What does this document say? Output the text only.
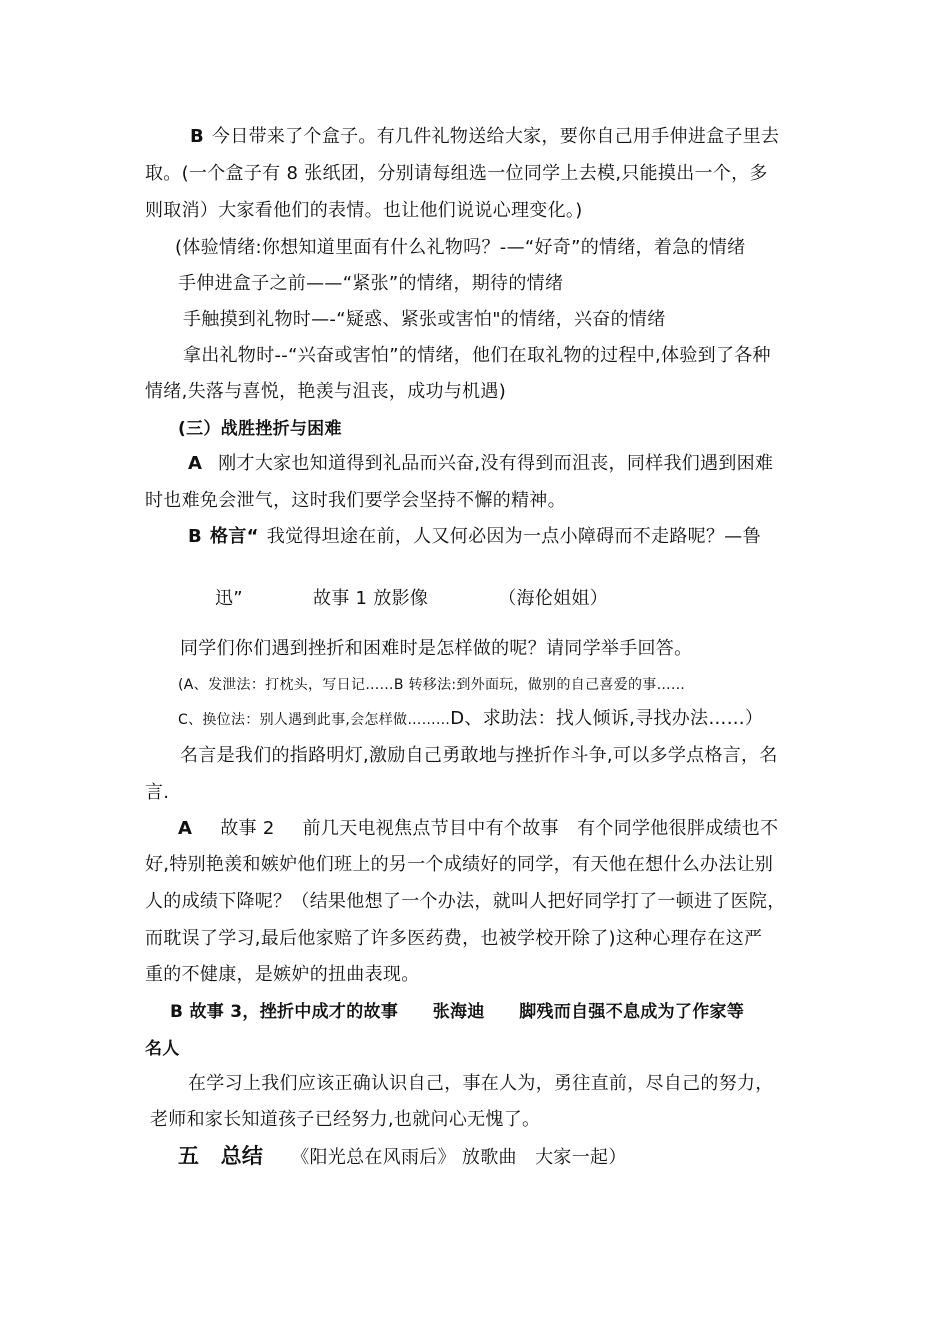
B 今日带来了个盒子。有几件礼物送给大家，要你自己用手伸进盒子里去
取。(一个盒子有 8 张纸团，分别请每组选一位同学上去模,只能摸出一个，多
则取消）大家看他们的表情。也让他们说说心理变化。)
(体验情绪:你想知道里面有什么礼物吗？-—“好奇”的情绪，着急的情绪
手伸进盒子之前——“紧张”的情绪，期待的情绪
手触摸到礼物时—-“疑惑、紧张或害怕"的情绪，兴奋的情绪
拿出礼物时--“兴奋或害怕”的情绪，他们在取礼物的过程中,体验到了各种
情绪,失落与喜悦，艳羡与沮丧，成功与机遇)
(三）战胜挫折与困难
A 刚才大家也知道得到礼品而兴奋,没有得到而沮丧，同样我们遇到困难
时也难免会泄气，这时我们要学会坚持不懈的精神。
B 格言“ 我觉得坦途在前，人又何必因为一点小障碍而不走路呢？—鲁
迅”	故事 1 放影像	（海伦姐姐）
同学们你们遇到挫折和困难时是怎样做的呢？请同学举手回答。
(A、发泄法：打枕头，写日记……B 转移法:到外面玩，做别的自己喜爱的事……
C、换位法：别人遇到此事,会怎样做………D、求助法：找人倾诉,寻找办法……）
名言是我们的指路明灯,激励自己勇敢地与挫折作斗争,可以多学点格言，名
言.
A 故事 2 前几天电视焦点节目中有个故事　有个同学他很胖成绩也不
好,特别艳羡和嫉妒他们班上的另一个成绩好的同学，有天他在想什么办法让别
人的成绩下降呢？（结果他想了一个办法，就叫人把好同学打了一顿进了医院，
而耽误了学习,最后他家赔了许多医药费，也被学校开除了)这种心理存在这严
重的不健康，是嫉妒的扭曲表现。
B 故事 3，挫折中成才的故事　　张海迪　　脚残而自强不息成为了作家等
名人
在学习上我们应该正确认识自己，事在人为，勇往直前，尽自己的努力，
老师和家长知道孩子已经努力,也就问心无愧了。
五　总结 《阳光总在风雨后》 放歌曲　大家一起）
